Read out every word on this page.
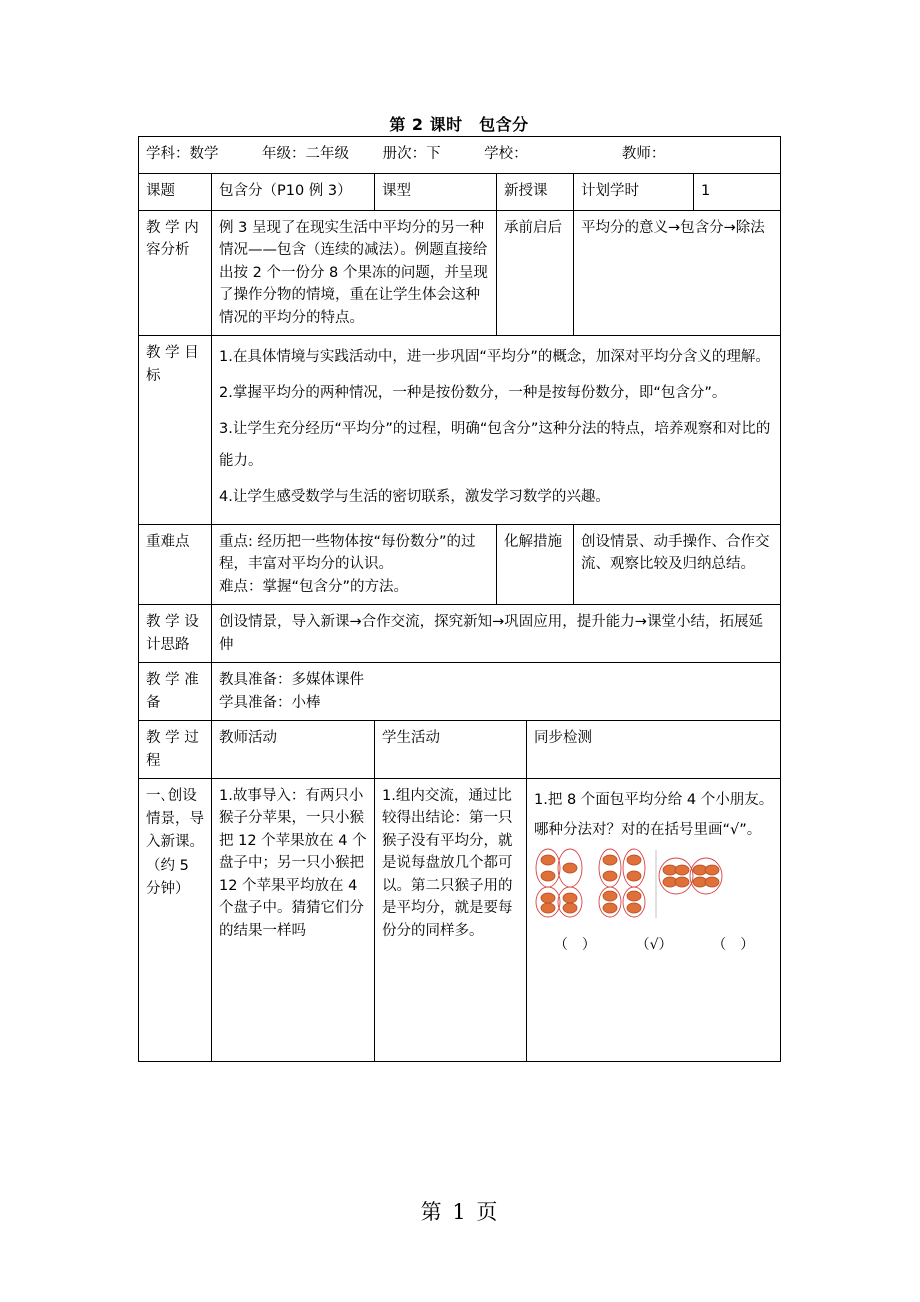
第 2 课时　包含分
学科：数学　　　年级：二年级　　 册次：下　　　学校：　　　　　　　教师：						
课题	包含分（P10 例 3）	课型	新授课		计划学时	1
教 学 内容分析	例 3 呈现了在现实生活中平均分的另一种情况——包含（连续的减法）。例题直接给出按 2 个一份分 8 个果冻的问题，并呈现了操作分物的情境，重在让学生体会这种情况的平均分的特点。		承前启后		平均分的意义→包含分→除法	
教 学 目标	1.在具体情境与实践活动中，进一步巩固“平均分”的概念，加深对平均分含义的理解。

2.掌握平均分的两种情况，一种是按份数分，一种是按每份数分，即“包含分”。

3.让学生充分经历“平均分”的过程，明确“包含分”这种分法的特点，培养观察和对比的能力。

4.让学生感受数学与生活的密切联系，激发学习数学的兴趣。					

重难点	重点: 经历把一些物体按“每份数分”的过程，丰富对平均分的认识。
难点：掌握“包含分”的方法。		化解措施		创设情景、动手操作、合作交流、观察比较及归纳总结。	
教 学 设计思路	创设情景，导入新课→合作交流，探究新知→巩固应用，提升能力→课堂小结，拓展延伸					
教 学 准备	教具准备：多媒体课件
学具准备：小棒					

教 学 过程	教师活动	学生活动		同步检测		
一､创设情景，导入新课。（约 5 分钟）	1.故事导入：有两只小猴子分苹果，一只小猴把 12 个苹果放在 4 个盘子中；另一只小猴把 12 个苹果平均放在 4 个盘子中。猜猜它们分的结果一样吗	1.组内交流，通过比较得出结论：第一只猴子没有平均分，就是说每盘放几个都可以。第二只猴子用的是平均分，就是要每份分的同样多。		1.把 8 个面包平均分给 4 个小朋友。哪种分法对？对的在括号里画“√”。
（　） （√） （　）		
第 1 页
